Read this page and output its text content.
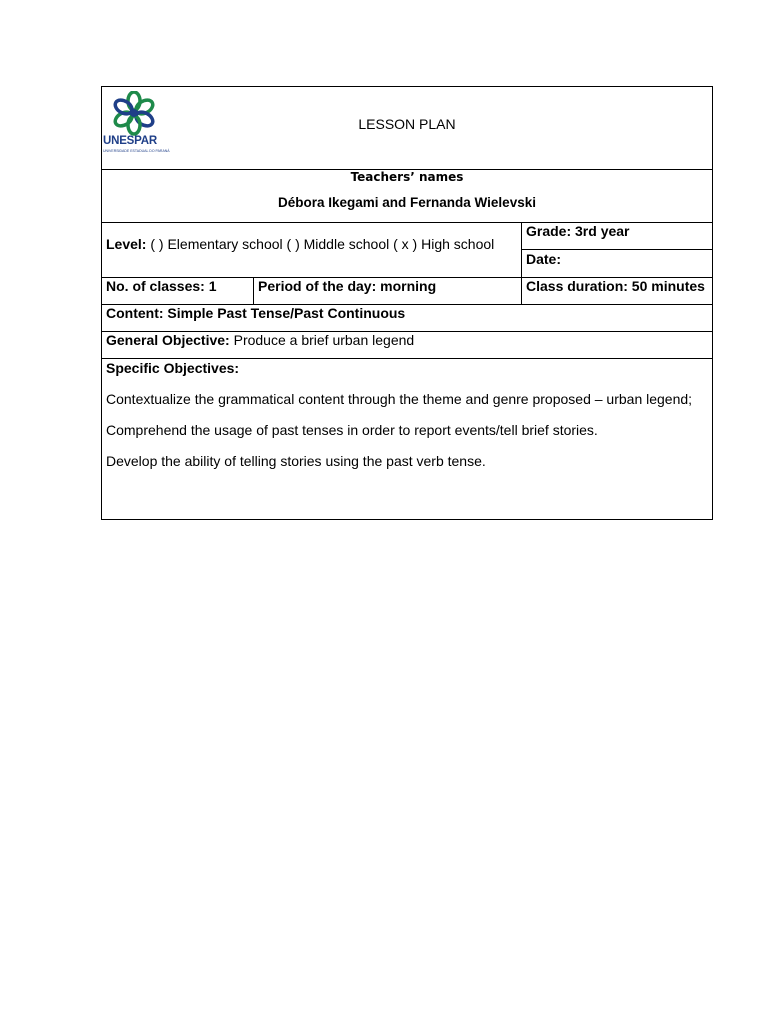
UNESPAR
UNIVERSIDADE ESTADUAL DO PARANÁ
LESSON PLAN
Teachers’ names
Débora Ikegami and Fernanda Wielevski
Level: ( ) Elementary school ( ) Middle school ( x ) High school
Grade: 3rd year
Date:
No. of classes: 1	Period of the day: morning	Class duration: 50 minutes
Content: Simple Past Tense/Past Continuous
General Objective: Produce a brief urban legend
Specific Objectives:
Contextualize the grammatical content through the theme and genre proposed – urban legend;
Comprehend the usage of past tenses in order to report events/tell brief stories.
Develop the ability of telling stories using the past verb tense.
